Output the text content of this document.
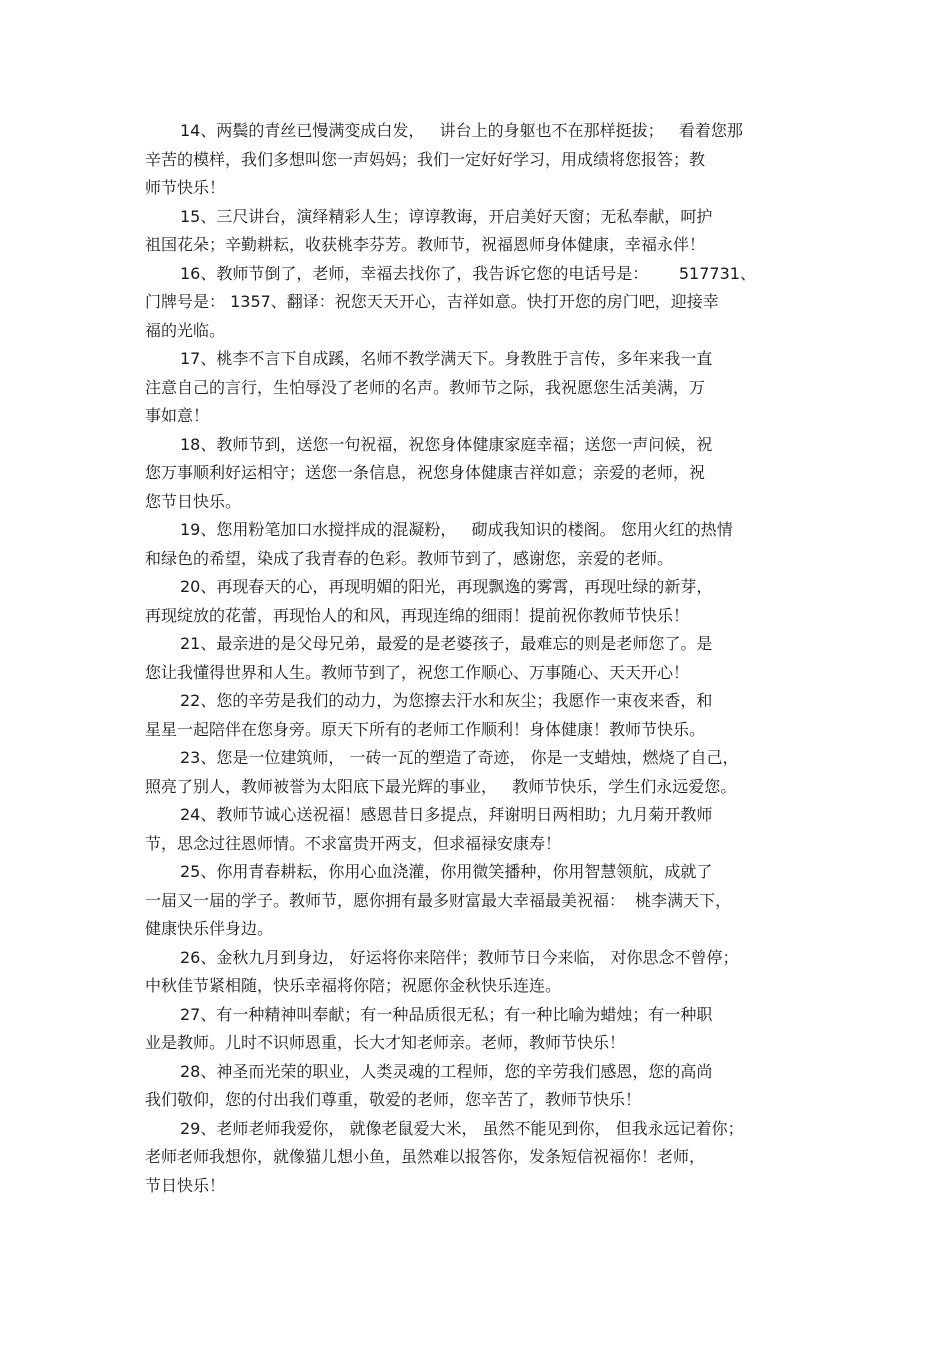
14、两鬓的青丝已慢满变成白发，   讲台上的身躯也不在那样挺拔；   看着您那
辛苦的模样，我们多想叫您一声妈妈；我们一定好好学习，用成绩将您报答；教
师节快乐！
15、三尺讲台，演绎精彩人生；谆谆教诲，开启美好天窗；无私奉献，呵护
祖国花朵；辛勤耕耘，收获桃李芬芳。教师节，祝福恩师身体健康，幸福永伴！
16、教师节倒了，老师，幸福去找你了，我告诉它您的电话号是：      517731、
门牌号是： 1357、翻译：祝您天天开心，吉祥如意。快打开您的房门吧，迎接幸
福的光临。
17、桃李不言下自成蹊，名师不教学满天下。身教胜于言传，多年来我一直
注意自己的言行，生怕辱没了老师的名声。教师节之际，我祝愿您生活美满，万
事如意！
18、教师节到，送您一句祝福，祝您身体健康家庭幸福；送您一声问候，祝
您万事顺利好运相守；送您一条信息，祝您身体健康吉祥如意；亲爱的老师，祝
您节日快乐。
19、您用粉笔加口水搅拌成的混凝粉，   砌成我知识的楼阁。 您用火红的热情
和绿色的希望，染成了我青春的色彩。教师节到了，感谢您，亲爱的老师。
20、再现春天的心，再现明媚的阳光，再现飘逸的雾霄，再现吐绿的新芽，
再现绽放的花蕾，再现怡人的和风，再现连绵的细雨！提前祝你教师节快乐！
21、最亲进的是父母兄弟，最爱的是老婆孩子，最难忘的则是老师您了。是
您让我懂得世界和人生。教师节到了，祝您工作顺心、万事随心、天天开心！
22、您的辛劳是我们的动力，为您擦去汗水和灰尘；我愿作一束夜来香，和
星星一起陪伴在您身旁。原天下所有的老师工作顺利！身体健康！教师节快乐。
23、您是一位建筑师， 一砖一瓦的塑造了奇迹， 你是一支蜡烛，燃烧了自己，
照亮了别人，教师被誉为太阳底下最光辉的事业，   教师节快乐，学生们永远爱您。
24、教师节诚心送祝福！感恩昔日多提点，拜谢明日两相助；九月菊开教师
节，思念过往恩师情。不求富贵开两支，但求福禄安康寿！
25、你用青春耕耘，你用心血浇灌，你用微笑播种，你用智慧领航，成就了
一届又一届的学子。教师节，愿你拥有最多财富最大幸福最美祝福：  桃李满天下，
健康快乐伴身边。
26、金秋九月到身边， 好运将你来陪伴；教师节日今来临， 对你思念不曾停；
中秋佳节紧相随，快乐幸福将你陪；祝愿你金秋快乐连连。
27、有一种精神叫奉献；有一种品质很无私；有一种比喻为蜡烛；有一种职
业是教师。儿时不识师恩重，长大才知老师亲。老师，教师节快乐！
28、神圣而光荣的职业，人类灵魂的工程师，您的辛劳我们感恩，您的高尚
我们敬仰，您的付出我们尊重，敬爱的老师，您辛苦了，教师节快乐！
29、老师老师我爱你， 就像老鼠爱大米， 虽然不能见到你， 但我永远记着你；
老师老师我想你，就像猫儿想小鱼，虽然难以报答你，发条短信祝福你！老师，
节日快乐！
